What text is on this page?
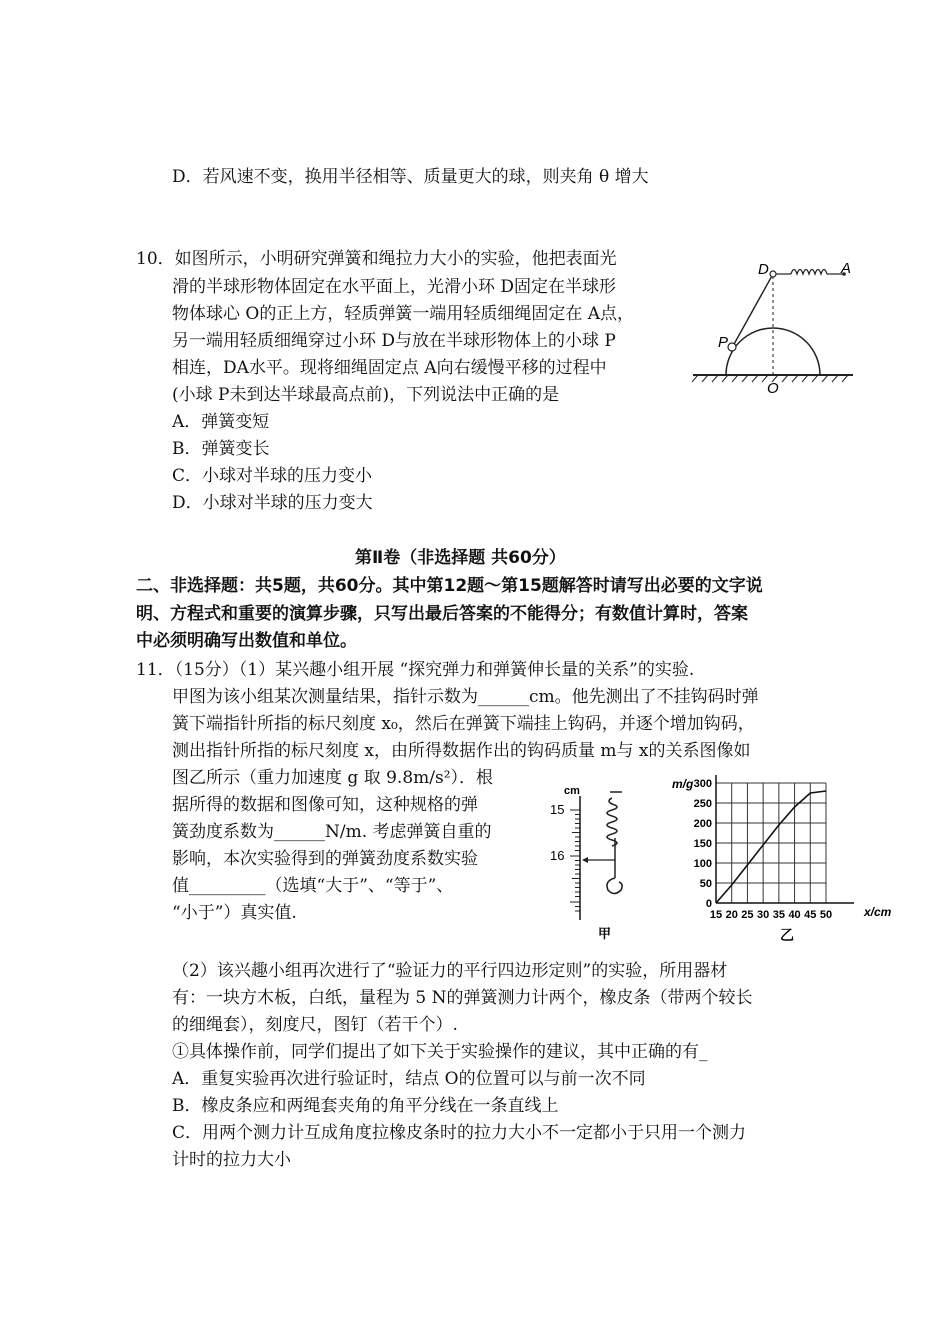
D．若风速不变，换用半径相等、质量更大的球，则夹角 θ 增大
10．如图所示，小明研究弹簧和绳拉力大小的实验，他把表面光
滑的半球形物体固定在水平面上，光滑小环 D固定在半球形
物体球心 O的正上方，轻质弹簧一端用轻质细绳固定在 A点，
另一端用轻质细绳穿过小环 D与放在半球形物体上的小球 P
相连，DA水平。现将细绳固定点 A向右缓慢平移的过程中
(小球 P未到达半球最高点前)，下列说法中正确的是
A．弹簧变短
B．弹簧变长
C．小球对半球的压力变小
D．小球对半球的压力变大
D	A
P
O
第Ⅱ卷（非选择题 共60分）
二、非选择题：共5题，共60分。其中第12题～第15题解答时请写出必要的文字说
明、方程式和重要的演算步骤，只写出最后答案的不能得分；有数值计算时，答案
中必须明确写出数值和单位。
11．（15分）（1）某兴趣小组开展 “探究弹力和弹簧伸长量的关系”的实验.
甲图为该小组某次测量结果，指针示数为______cm。他先测出了不挂钩码时弹
簧下端指针所指的标尺刻度 x₀，然后在弹簧下端挂上钩码，并逐个增加钩码，
测出指针所指的标尺刻度 x，由所得数据作出的钩码质量 m与 x的关系图像如
图乙所示（重力加速度 g 取 9.8m/s²）．根
据所得的数据和图像可知，这种规格的弹
簧劲度系数为______N/m. 考虑弹簧自重的
影响，本次实验得到的弹簧劲度系数实验
值_________（选填“大于”、“等于”、
“小于”）真实值.
cm
15
16
甲
m/g
x/cm
乙
15 20 25 30 35 40 45 50
0
50
100
150
200
250
300
（2）该兴趣小组再次进行了“验证力的平行四边形定则”的实验，所用器材
有：一块方木板，白纸，量程为 5 N的弹簧测力计两个，橡皮条（带两个较长
的细绳套），刻度尺，图钉（若干个）.
①具体操作前，同学们提出了如下关于实验操作的建议，其中正确的有_
A．重复实验再次进行验证时，结点 O的位置可以与前一次不同
B．橡皮条应和两绳套夹角的角平分线在一条直线上
C．用两个测力计互成角度拉橡皮条时的拉力大小不一定都小于只用一个测力
计时的拉力大小
